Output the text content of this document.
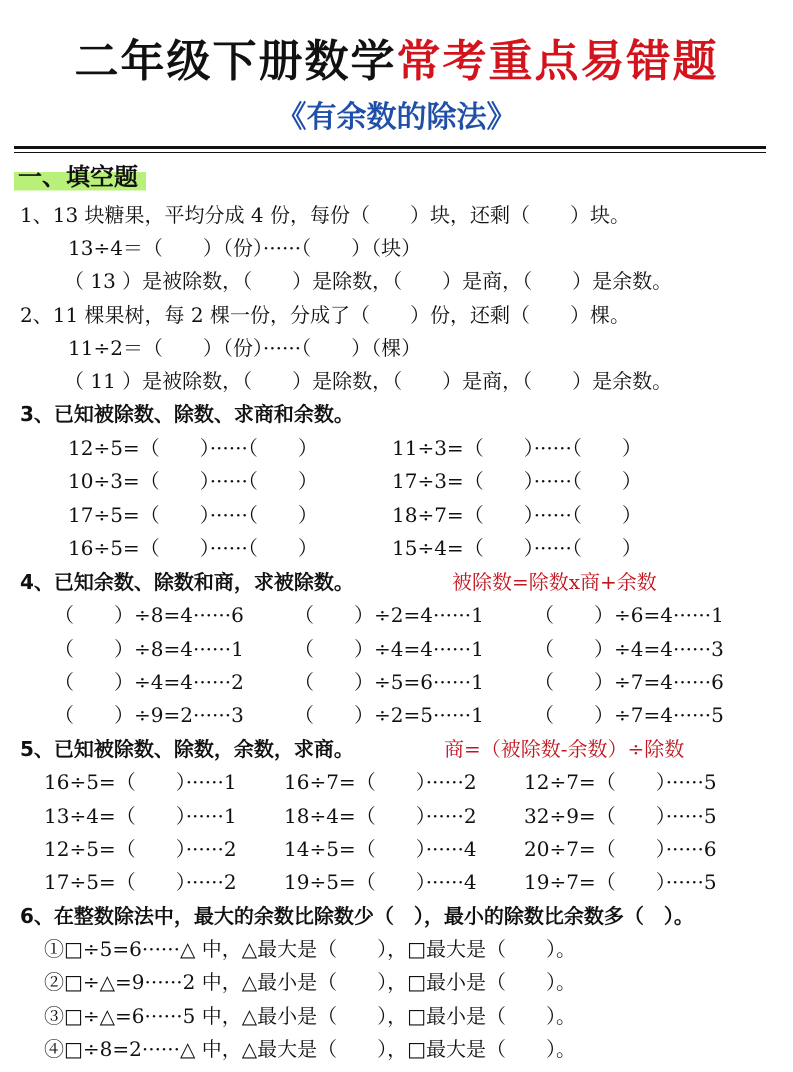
二年级下册数学常考重点易错题
《有余数的除法》
一、填空题
1、13 块糖果，平均分成 4 份，每份（　　）块，还剩（　　）块。
13÷4＝（　　）（份）······（　　）（块）
（ 13 ）是被除数，（　　）是除数，（　　）是商，（　　）是余数。
2、11 棵果树，每 2 棵一份，分成了（　　）份，还剩（　　）棵。
11÷2＝（　　）（份）······（　　）（棵）
（ 11 ）是被除数，（　　）是除数，（　　）是商，（　　）是余数。
3、已知被除数、除数、求商和余数。
12÷5=（　　）······（　　）	11÷3=（　　）······（　　）
10÷3=（　　）······（　　）	17÷3=（　　）······（　　）
17÷5=（　　）······（　　）	18÷7=（　　）······（　　）
16÷5=（　　）······（　　）	15÷4=（　　）······（　　）
4、已知余数、除数和商，求被除数。	被除数=除数x商+余数
（　　）÷8=4······6	（　　）÷2=4······1	（　　）÷6=4······1
（　　）÷8=4······1	（　　）÷4=4······1	（　　）÷4=4······3
（　　）÷4=4······2	（　　）÷5=6······1	（　　）÷7=4······6
（　　）÷9=2······3	（　　）÷2=5······1	（　　）÷7=4······5
5、已知被除数、除数，余数，求商。	商=（被除数-余数）÷除数
16÷5=（　　）······1 16÷7=（　　）······2 12÷7=（　　）······5
13÷4=（　　）······1 18÷4=（　　）······2 32÷9=（　　）······5
12÷5=（　　）······2 14÷5=（　　）······4 20÷7=（　　）······6
17÷5=（　　）······2 19÷5=（　　）······4 19÷7=（　　）······5
6、在整数除法中，最大的余数比除数少（　），最小的除数比余数多（　）。
①□÷5=6······△ 中，△最大是（　　），□最大是（　　）。
②□÷△=9······2 中，△最小是（　　），□最小是（　　）。
③□÷△=6······5 中，△最小是（　　），□最小是（　　）。
④□÷8=2······△ 中，△最大是（　　），□最大是（　　）。
